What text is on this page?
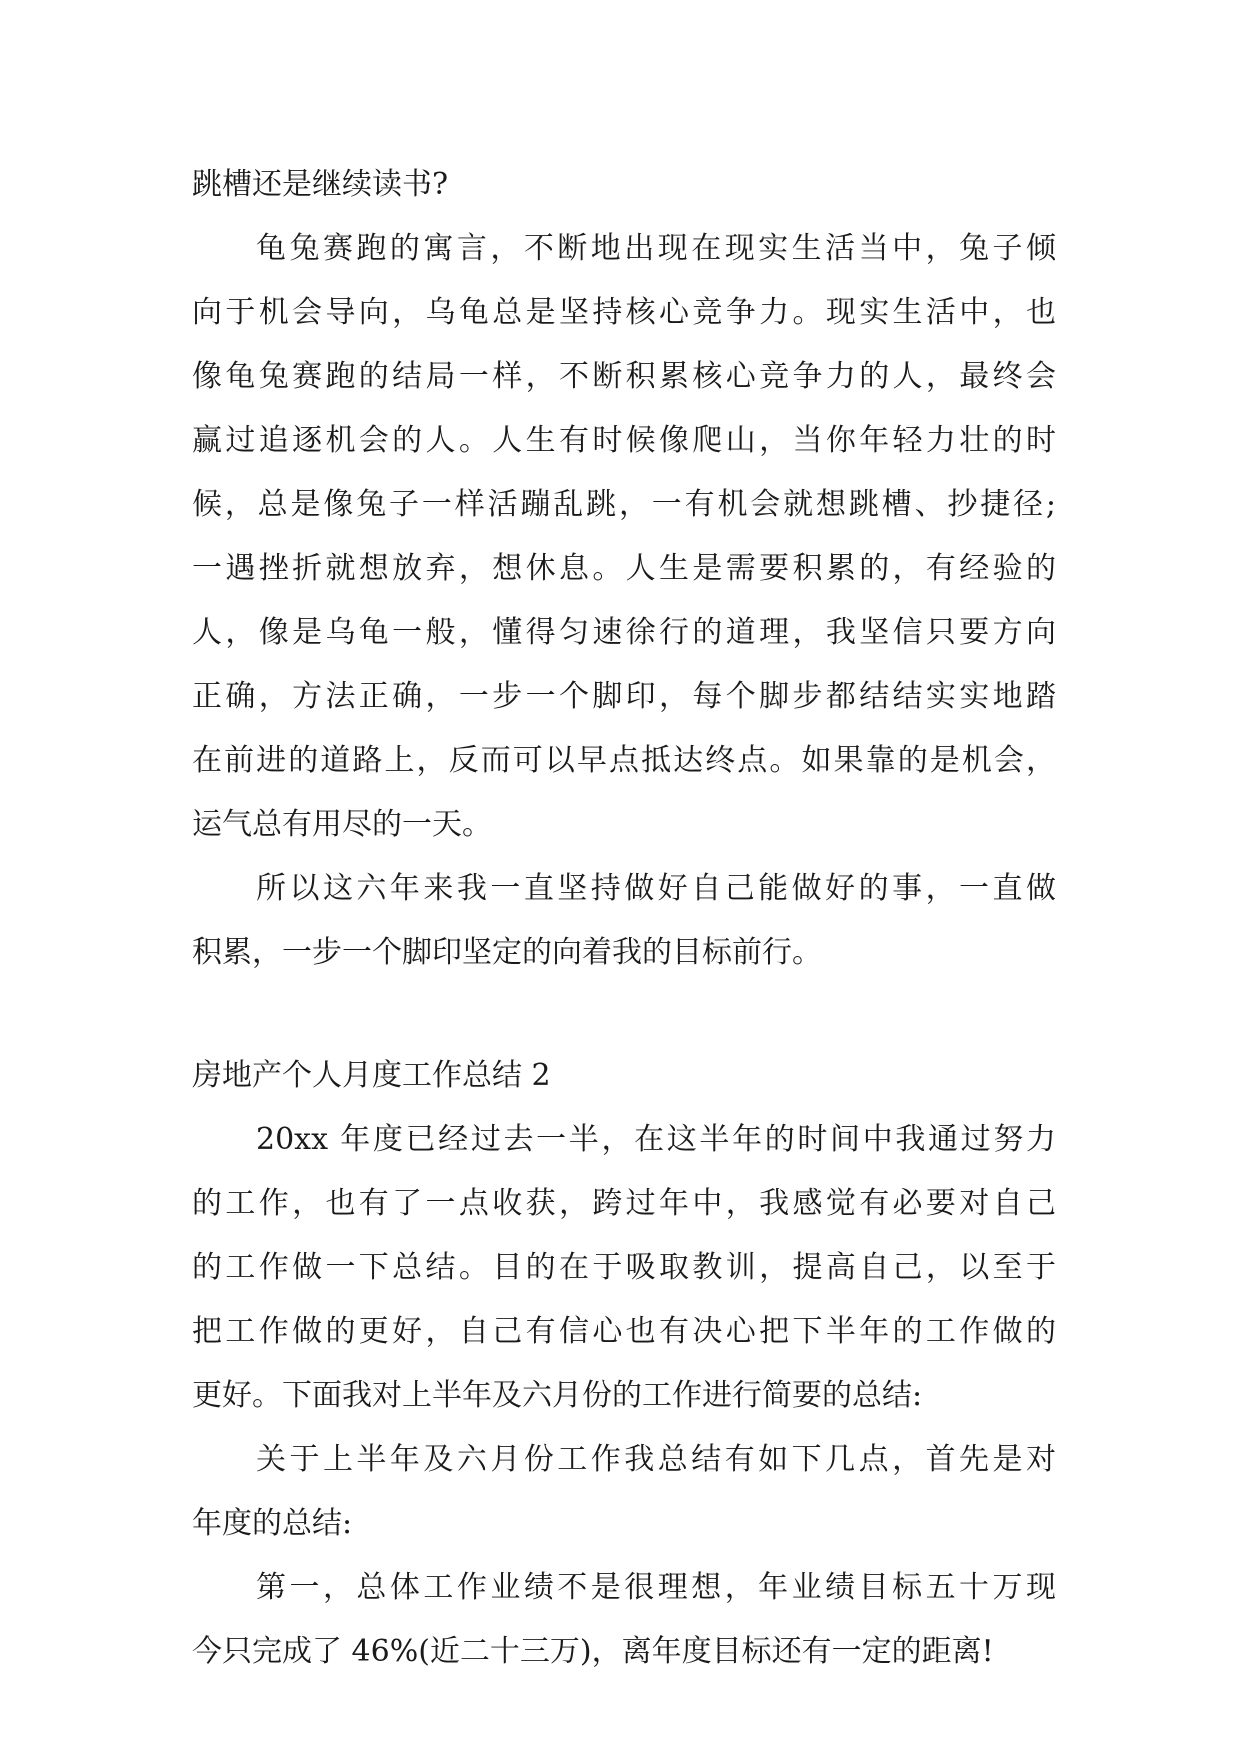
跳槽还是继续读书?
龟兔赛跑的寓言，不断地出现在现实生活当中，兔子倾
向于机会导向，乌龟总是坚持核心竞争力。现实生活中，也
像龟兔赛跑的结局一样，不断积累核心竞争力的人，最终会
赢过追逐机会的人。人生有时候像爬山，当你年轻力壮的时
候，总是像兔子一样活蹦乱跳，一有机会就想跳槽、抄捷径;
一遇挫折就想放弃，想休息。人生是需要积累的，有经验的
人，像是乌龟一般，懂得匀速徐行的道理，我坚信只要方向
正确，方法正确，一步一个脚印，每个脚步都结结实实地踏
在前进的道路上，反而可以早点抵达终点。如果靠的是机会，
运气总有用尽的一天。
所以这六年来我一直坚持做好自己能做好的事，一直做
积累，一步一个脚印坚定的向着我的目标前行。
房地产个人月度工作总结 2
20xx 年度已经过去一半，在这半年的时间中我通过努力
的工作，也有了一点收获，跨过年中，我感觉有必要对自己
的工作做一下总结。目的在于吸取教训，提高自己，以至于
把工作做的更好，自己有信心也有决心把下半年的工作做的
更好。下面我对上半年及六月份的工作进行简要的总结:
关于上半年及六月份工作我总结有如下几点，首先是对
年度的总结:
第一，总体工作业绩不是很理想，年业绩目标五十万现
今只完成了 46%(近二十三万)，离年度目标还有一定的距离!
